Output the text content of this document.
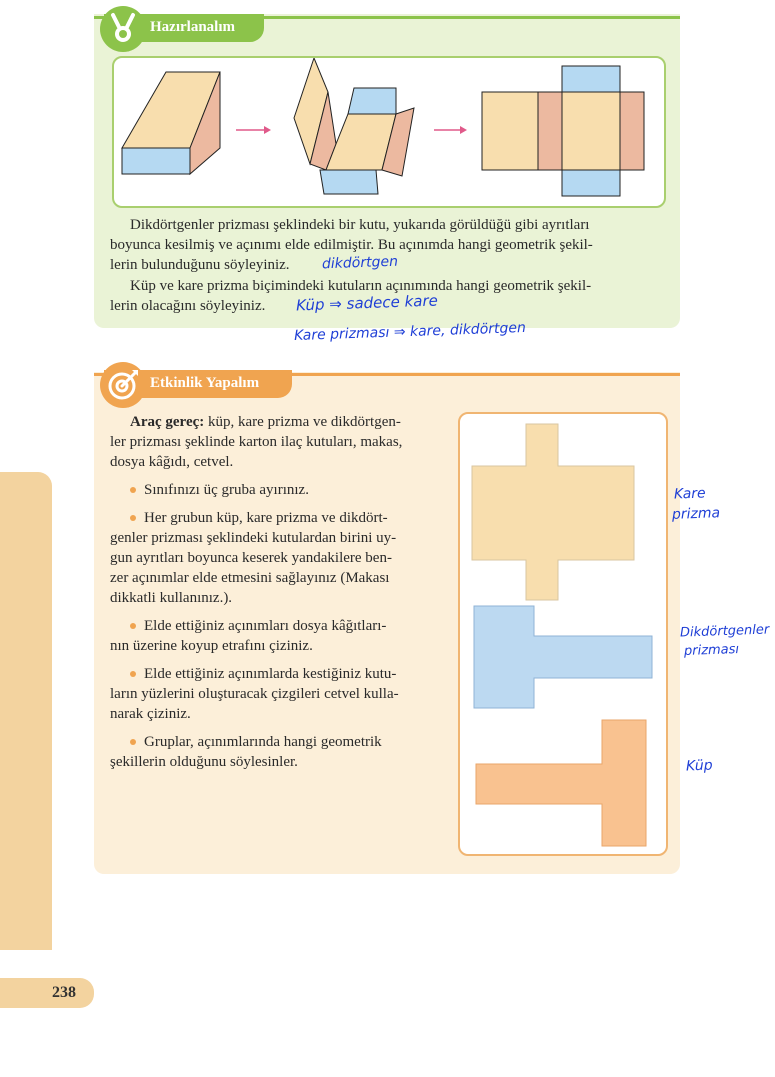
238
Hazırlanalım
Dikdörtgenler prizması şeklindeki bir kutu, yukarıda görüldüğü gibi ayrıtları
boyunca kesilmiş ve açınımı elde edilmiştir. Bu açınımda hangi geometrik şekil-
lerin bulunduğunu söyleyiniz. dikdörtgen
Küp ve kare prizma biçimindeki kutuların açınımında hangi geometrik şekil-
lerin olacağını söyleyiniz. Küp ⇒ sadece kare
Kare prizması ⇒ kare, dikdörtgen
Etkinlik Yapalım
Araç gereç: küp, kare prizma ve dikdörtgen-
ler prizması şeklinde karton ilaç kutuları, makas,
dosya kâğıdı, cetvel.
Sınıfınızı üç gruba ayırınız.
Her grubun küp, kare prizma ve dikdört-
genler prizması şeklindeki kutulardan birini uy-
gun ayrıtları boyunca keserek yandakilere ben-
zer açınımlar elde etmesini sağlayınız (Makası
dikkatli kullanınız.).
Elde ettiğiniz açınımları dosya kâğıtları-
nın üzerine koyup etrafını çiziniz.
Elde ettiğiniz açınımlarda kestiğiniz kutu-
ların yüzlerini oluşturacak çizgileri cetvel kulla-
narak çiziniz.
Gruplar, açınımlarında hangi geometrik
şekillerin olduğunu söylesinler.
Kare
prizma
Dikdörtgenler
prizması
Küp
